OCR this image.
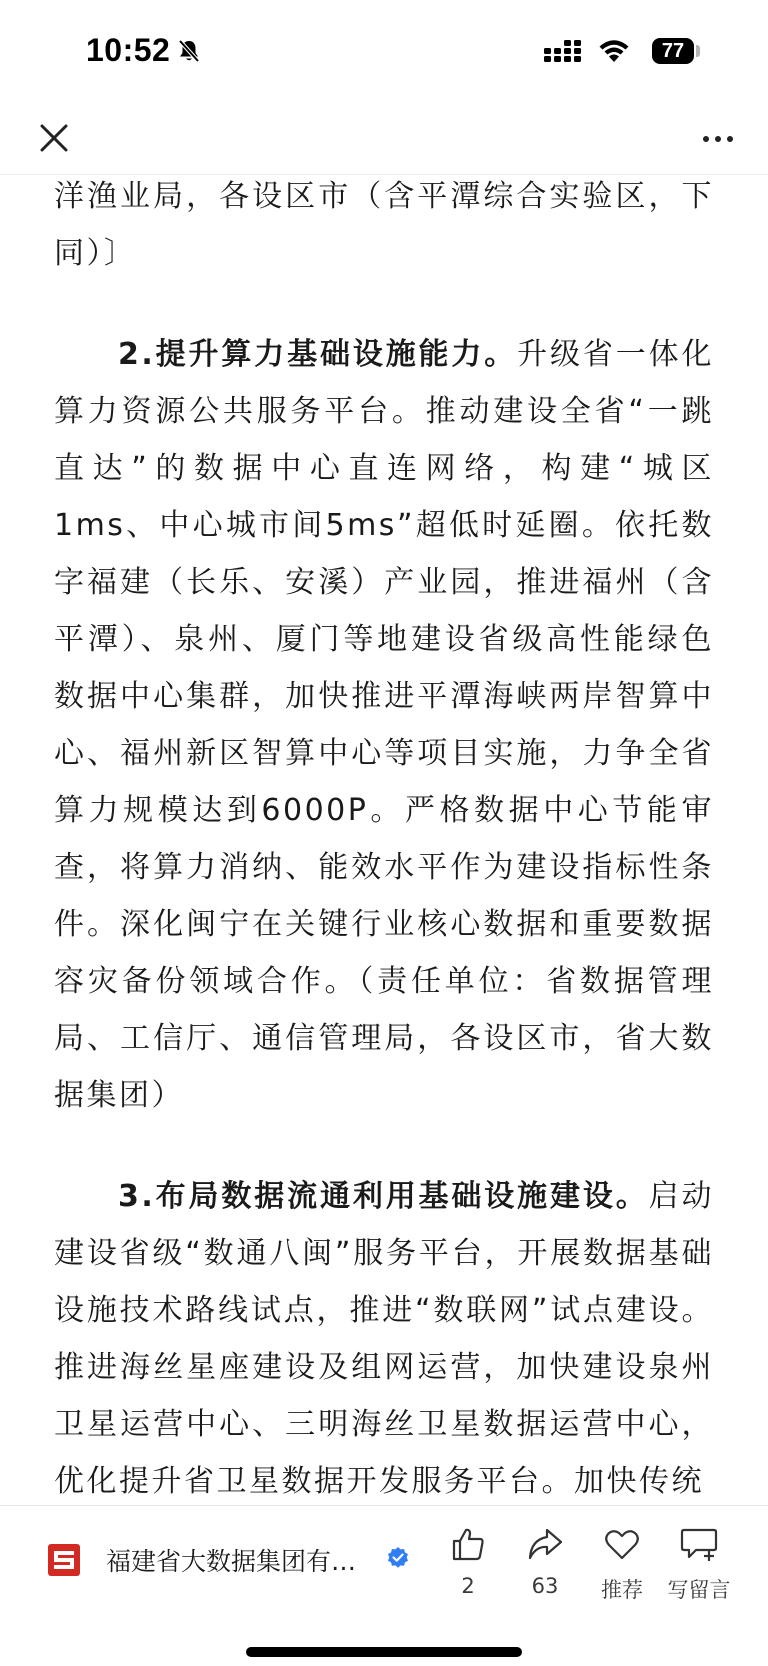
10:52	77

洋渔业局，各设区市（含平潭综合实验区，下同）〕

2.提升算力基础设施能力。升级省一体化算力资源公共服务平台。推动建设全省“一跳直达”的数据中心直连网络，构建“城区1ms、中心城市间5ms”超低时延圈。依托数字福建（长乐、安溪）产业园，推进福州（含平潭）、泉州、厦门等地建设省级高性能绿色数据中心集群，加快推进平潭海峡两岸智算中心、福州新区智算中心等项目实施，力争全省算力规模达到6000P。严格数据中心节能审查，将算力消纳、能效水平作为建设指标性条件。深化闽宁在关键行业核心数据和重要数据容灾备份领域合作。（责任单位：省数据管理局、工信厅、通信管理局，各设区市，省大数据集团）

3.布局数据流通利用基础设施建设。启动建设省级“数通八闽”服务平台，开展数据基础设施技术路线试点，推进“数联网”试点建设。推进海丝星座建设及组网运营，加快建设泉州卫星运营中心、三明海丝卫星数据运营中心，优化提升省卫星数据开发服务平台。加快传统

福建省大数据集团有…
2	63	推荐	写留言
